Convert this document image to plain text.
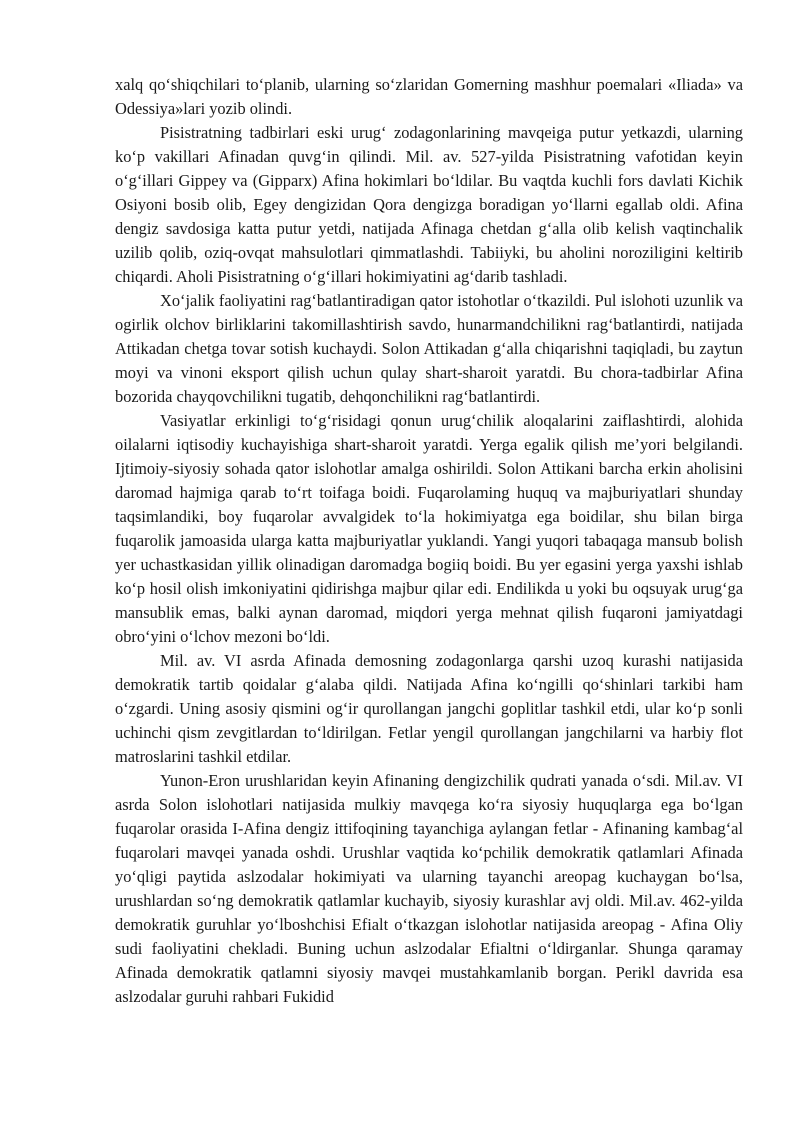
xalq qo‘shiqchilari to‘planib, ularning so‘zlaridan Gomerning mashhur poemalari «Iliada» va Odessiya»lari yozib olindi.

Pisistratning tadbirlari eski urug‘ zodagonlarining mavqeiga putur yetkazdi, ularning ko‘p vakillari Afinadan quvg‘in qilindi. Mil. av. 527-yilda Pisistratning vafotidan keyin o‘g‘illari Gippey va (Gipparx) Afina hokimlari bo‘ldilar. Bu vaqtda kuchli fors davlati Kichik Osiyoni bosib olib, Egey dengizidan Qora dengizga boradigan yo‘llarni egallab oldi. Afina dengiz savdosiga katta putur yetdi, natijada Afinaga chetdan g‘alla olib kelish vaqtinchalik uzilib qolib, oziq-ovqat mahsulotlari qimmatlashdi. Tabiiyki, bu aholini noroziligini keltirib chiqardi. Aholi Pisistratning o‘g‘illari hokimiyatini ag‘darib tashladi.

Xo‘jalik faoliyatini rag‘batlantiradigan qator istohotlar o‘tkazildi. Pul islohoti uzunlik va ogirlik olchov birliklarini takomillashtirish savdo, hunarmandchilikni rag‘batlantirdi, natijada Attikadan chetga tovar sotish kuchaydi. Solon Attikadan g‘alla chiqarishni taqiqladi, bu zaytun moyi va vinoni eksport qilish uchun qulay shart-sharoit yaratdi. Bu chora-tadbirlar Afina bozorida chayqovchilikni tugatib, dehqonchilikni rag‘batlantirdi.

Vasiyatlar erkinligi to‘g‘risidagi qonun urug‘chilik aloqalarini zaiflashtirdi, alohida oilalarni iqtisodiy kuchayishiga shart-sharoit yaratdi. Yerga egalik qilish me’yori belgilandi. Ijtimoiy-siyosiy sohada qator islohotlar amalga oshirildi. Solon Attikani barcha erkin aholisini daromad hajmiga qarab to‘rt toifaga boidi. Fuqarolaming huquq va majburiyatlari shunday taqsimlandiki, boy fuqarolar avvalgidek to‘la hokimiyatga ega boidilar, shu bilan birga fuqarolik jamoasida ularga katta majburiyatlar yuklandi. Yangi yuqori tabaqaga mansub bolish yer uchastkasidan yillik olinadigan daromadga bogiiq boidi. Bu yer egasini yerga yaxshi ishlab ko‘p hosil olish imkoniyatini qidirishga majbur qilar edi. Endilikda u yoki bu oqsuyak urug‘ga mansublik emas, balki aynan daromad, miqdori yerga mehnat qilish fuqaroni jamiyatdagi obro‘yini o‘lchov mezoni bo‘ldi.

Mil. av. VI asrda Afinada demosning zodagonlarga qarshi uzoq kurashi natijasida demokratik tartib qoidalar g‘alaba qildi. Natijada Afina ko‘ngilli qo‘shinlari tarkibi ham o‘zgardi. Uning asosiy qismini og‘ir qurollangan jangchi goplitlar tashkil etdi, ular ko‘p sonli uchinchi qism zevgitlardan to‘ldirilgan. Fetlar yengil qurollangan jangchilarni va harbiy flot matroslarini tashkil etdilar.

Yunon-Eron urushlaridan keyin Afinaning dengizchilik qudrati yanada o‘sdi. Mil.av. VI asrda Solon islohotlari natijasida mulkiy mavqega ko‘ra siyosiy huquqlarga ega bo‘lgan fuqarolar orasida I-Afina dengiz ittifoqining tayanchiga aylangan fetlar - Afinaning kambag‘al fuqarolari mavqei yanada oshdi. Urushlar vaqtida ko‘pchilik demokratik qatlamlari Afinada yo‘qligi paytida aslzodalar hokimiyati va ularning tayanchi areopag kuchaygan bo‘lsa, urushlardan so‘ng demokratik qatlamlar kuchayib, siyosiy kurashlar avj oldi. Mil.av. 462-yilda demokratik guruhlar yo‘lboshchisi Efialt o‘tkazgan islohotlar natijasida areopag - Afina Oliy sudi faoliyatini chekladi. Buning uchun aslzodalar Efialtni o‘ldirganlar. Shunga qaramay Afinada demokratik qatlamni siyosiy mavqei mustahkamlanib borgan. Perikl davrida esa aslzodalar guruhi rahbari Fukidid
